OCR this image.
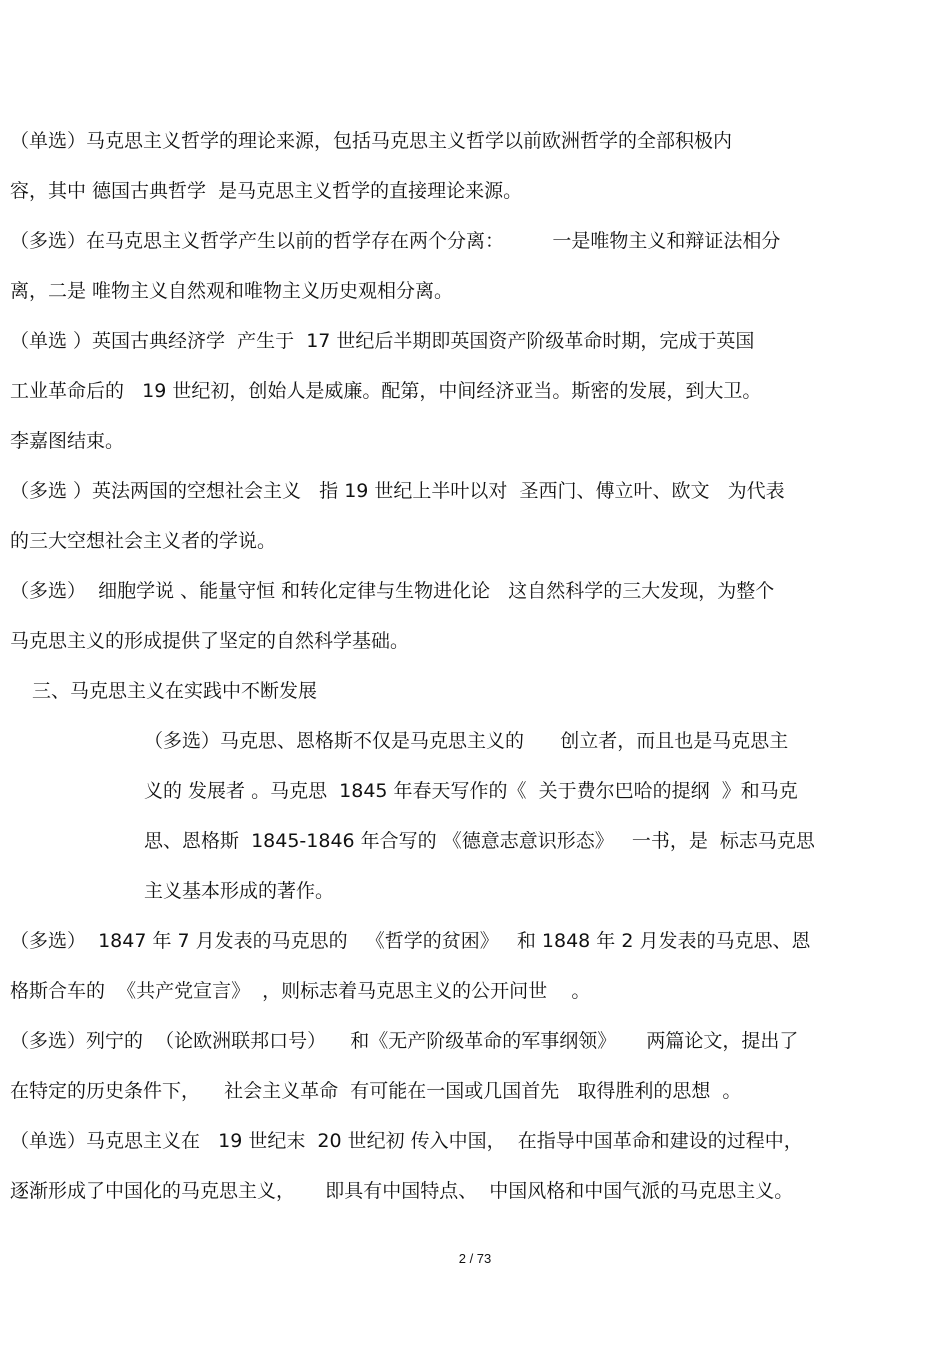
（单选）马克思主义哲学的理论来源，包括马克思主义哲学以前欧洲哲学的全部积极内
容，其中 德国古典哲学  是马克思主义哲学的直接理论来源。
（多选）在马克思主义哲学产生以前的哲学存在两个分离：        一是唯物主义和辩证法相分
离，二是 唯物主义自然观和唯物主义历史观相分离。
（单选 ）英国古典经济学  产生于  17 世纪后半期即英国资产阶级革命时期，完成于英国
工业革命后的   19 世纪初，创始人是威廉。配第，中间经济亚当。斯密的发展，到大卫。
李嘉图结束。
（多选 ）英法两国的空想社会主义   指 19 世纪上半叶以对  圣西门、傅立叶、欧文   为代表
的三大空想社会主义者的学说。
（多选）  细胞学说 、能量守恒 和转化定律与生物进化论   这自然科学的三大发现，为整个
马克思主义的形成提供了坚定的自然科学基础。
三、马克思主义在实践中不断发展
（多选）马克思、恩格斯不仅是马克思主义的      创立者，而且也是马克思主
义的 发展者 。马克思  1845 年春天写作的《  关于费尔巴哈的提纲  》和马克
思、恩格斯  1845-1846 年合写的 《德意志意识形态》   一书，是  标志马克思
主义基本形成的著作。
（多选）  1847 年 7 月发表的马克思的   《哲学的贫困》   和 1848 年 2 月发表的马克思、恩
格斯合车的  《共产党宣言》  ，则标志着马克思主义的公开问世    。
（多选）列宁的  （论欧洲联邦口号）    和《无产阶级革命的军事纲领》     两篇论文，提出了
在特定的历史条件下，    社会主义革命  有可能在一国或几国首先   取得胜利的思想  。
（单选）马克思主义在   19 世纪末  20 世纪初 传入中国，  在指导中国革命和建设的过程中，
逐渐形成了中国化的马克思主义，     即具有中国特点、  中国风格和中国气派的马克思主义。
2 / 73
